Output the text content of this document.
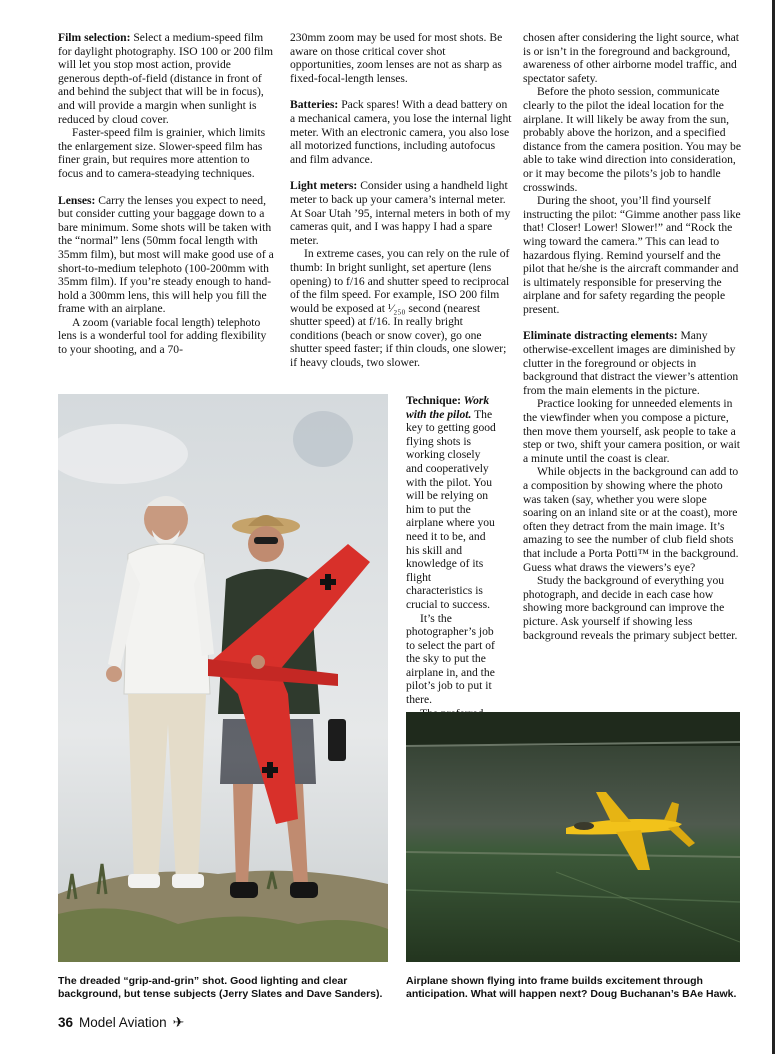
Film selection: Select a medium-speed film for daylight photography. ISO 100 or 200 film will let you stop most action, provide generous depth-of-field (distance in front of and behind the subject that will be in focus), and will provide a margin when sunlight is reduced by cloud cover.

Faster-speed film is grainier, which limits the enlargement size. Slower-speed film has finer grain, but requires more attention to focus and to camera-steadying techniques.

Lenses: Carry the lenses you expect to need, but consider cutting your baggage down to a bare minimum. Some shots will be taken with the “normal” lens (50mm focal length with 35mm film), but most will make good use of a short-to-medium telephoto (100-200mm with 35mm film). If you’re steady enough to hand-hold a 300mm lens, this will help you fill the frame with an airplane.

A zoom (variable focal length) telephoto lens is a wonderful tool for adding flexibility to your shooting, and a 70-

230mm zoom may be used for most shots. Be aware on those critical cover shot opportunities, zoom lenses are not as sharp as fixed-focal-length lenses.

Batteries: Pack spares! With a dead battery on a mechanical camera, you lose the internal light meter. With an electronic camera, you also lose all motorized functions, including autofocus and film advance.

Light meters: Consider using a handheld light meter to back up your camera’s internal meter. At Soar Utah ’95, internal meters in both of my cameras quit, and I was happy I had a spare meter.

In extreme cases, you can rely on the rule of thumb: In bright sunlight, set aperture (lens opening) to f/16 and shutter speed to reciprocal of the film speed. For example, ISO 200 film would be exposed at ¹⁄₂₅₀ second (nearest shutter speed) at f/16. In really bright conditions (beach or snow cover), go one shutter speed faster; if thin clouds, one slower; if heavy clouds, two slower.

chosen after considering the light source, what is or isn’t in the foreground and background, awareness of other airborne model traffic, and spectator safety.

Before the photo session, communicate clearly to the pilot the ideal location for the airplane. It will likely be away from the sun, probably above the horizon, and a specified distance from the camera position. You may be able to take wind direction into consideration, or it may become the pilots’s job to handle crosswinds.

During the shoot, you’ll find yourself instructing the pilot: “Gimme another pass like that! Closer! Lower! Slower!” and “Rock the wing toward the camera.” This can lead to hazardous flying. Remind yourself and the pilot that he/she is the aircraft commander and is ultimately responsible for preserving the airplane and for safety regarding the people present.

Eliminate distracting elements: Many otherwise-excellent images are diminished by clutter in the foreground or objects in background that distract the viewer’s attention from the main elements in the picture.

Practice looking for unneeded elements in the viewfinder when you compose a picture, then move them yourself, ask people to take a step or two, shift your camera position, or wait a minute until the coast is clear.

While objects in the background can add to a composition by showing where the photo was taken (say, whether you were slope soaring on an inland site or at the coast), more often they detract from the main image. It’s amazing to see the number of club field shots that include a Porta Potti™ in the background. Guess what draws the viewers’s eye?

Study the background of everything you photograph, and decide in each case how showing more background can improve the picture. Ask yourself if showing less background reveals the primary subject better.

Technique: Work with the pilot. The key to getting good flying shots is working closely and cooperatively with the pilot. You will be relying on him to put the airplane where you need it to be, and his skill and knowledge of its flight characteristics is crucial to success.

It’s the photographer’s job to select the part of the sky to put the airplane in, and the pilot’s job to put it there.

The dreaded “grip-and-grin” shot. Good lighting and clear background, but tense subjects (Jerry Slates and Dave Sanders).
Airplane shown flying into frame builds excitement through anticipation. What will happen next? Doug Buchanan’s BAe Hawk.
36 Model Aviation ✈
